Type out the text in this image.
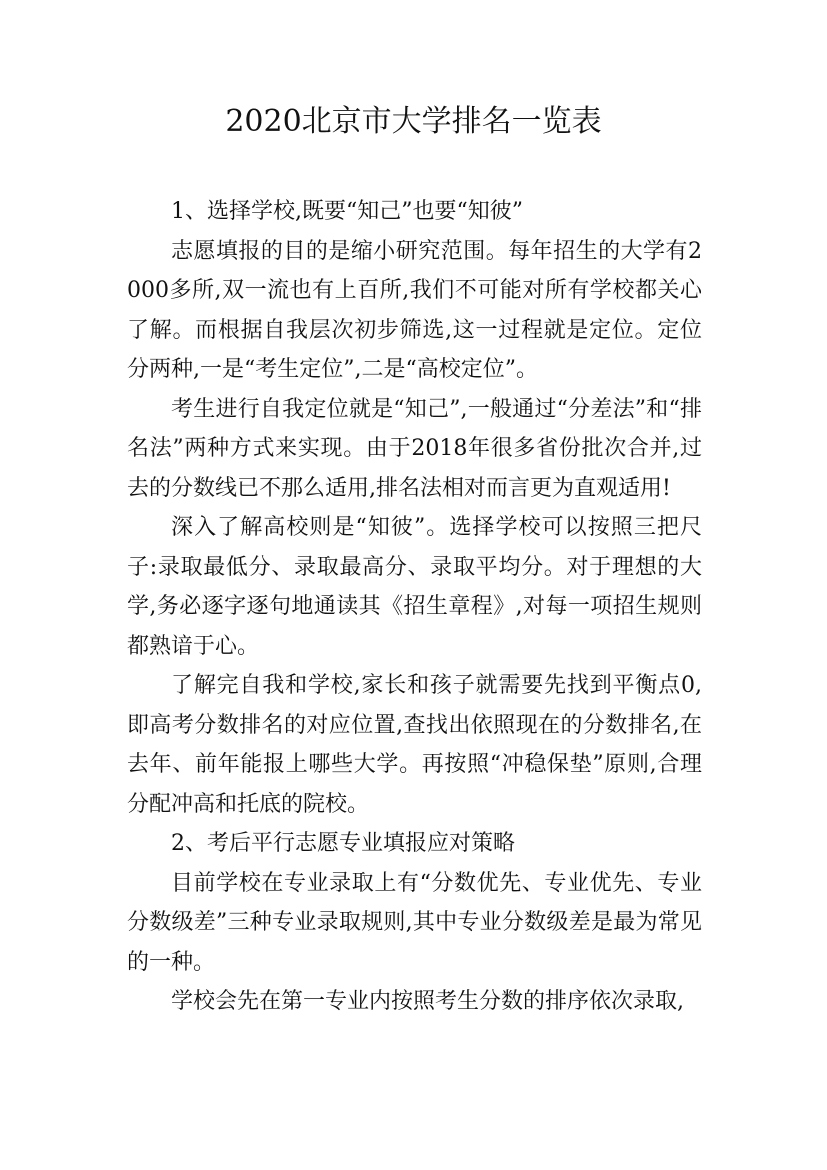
2020北京市大学排名一览表

1、选择学校,既要“知己”也要“知彼”

志愿填报的目的是缩小研究范围。每年招生的大学有2000多所,双一流也有上百所,我们不可能对所有学校都关心了解。而根据自我层次初步筛选,这一过程就是定位。定位分两种,一是“考生定位”,二是“高校定位”。

考生进行自我定位就是“知己”,一般通过“分差法”和“排名法”两种方式来实现。由于2018年很多省份批次合并,过去的分数线已不那么适用,排名法相对而言更为直观适用!

深入了解高校则是“知彼”。选择学校可以按照三把尺子:录取最低分、录取最高分、录取平均分。对于理想的大学,务必逐字逐句地通读其《招生章程》,对每一项招生规则都熟谙于心。

了解完自我和学校,家长和孩子就需要先找到平衡点0,即高考分数排名的对应位置,查找出依照现在的分数排名,在去年、前年能报上哪些大学。再按照“冲稳保垫”原则,合理分配冲高和托底的院校。

2、考后平行志愿专业填报应对策略

目前学校在专业录取上有“分数优先、专业优先、专业分数级差”三种专业录取规则,其中专业分数级差是最为常见的一种。

学校会先在第一专业内按照考生分数的排序依次录取,
